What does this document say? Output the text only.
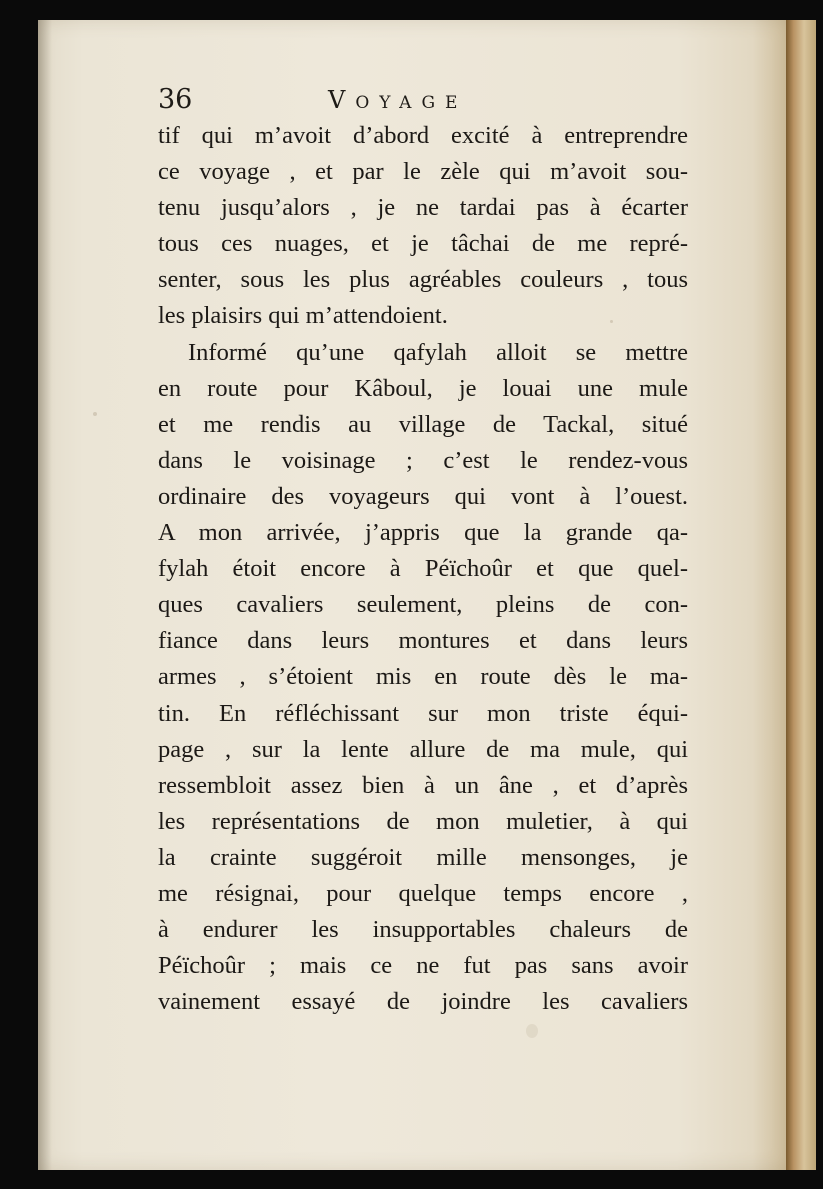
36	Voyage
tif qui m’avoit d’abord excité à entreprendre
ce voyage , et par le zèle qui m’avoit sou-
tenu jusqu’alors , je ne tardai pas à écarter
tous ces nuages, et je tâchai de me repré-
senter, sous les plus agréables couleurs , tous
les plaisirs qui m’attendoient.
Informé qu’une qafylah alloit se mettre
en route pour Kâboul, je louai une mule
et me rendis au village de Tackal, situé
dans le voisinage ; c’est le rendez-vous
ordinaire des voyageurs qui vont à l’ouest.
A mon arrivée, j’appris que la grande qa-
fylah étoit encore à Péïchoûr et que quel-
ques cavaliers seulement, pleins de con-
fiance dans leurs montures et dans leurs
armes , s’étoient mis en route dès le ma-
tin. En réfléchissant sur mon triste équi-
page , sur la lente allure de ma mule, qui
ressembloit assez bien à un âne , et d’après
les représentations de mon muletier, à qui
la crainte suggéroit mille mensonges, je
me résignai, pour quelque temps encore ,
à endurer les insupportables chaleurs de
Péïchoûr ; mais ce ne fut pas sans avoir
vainement essayé de joindre les cavaliers
